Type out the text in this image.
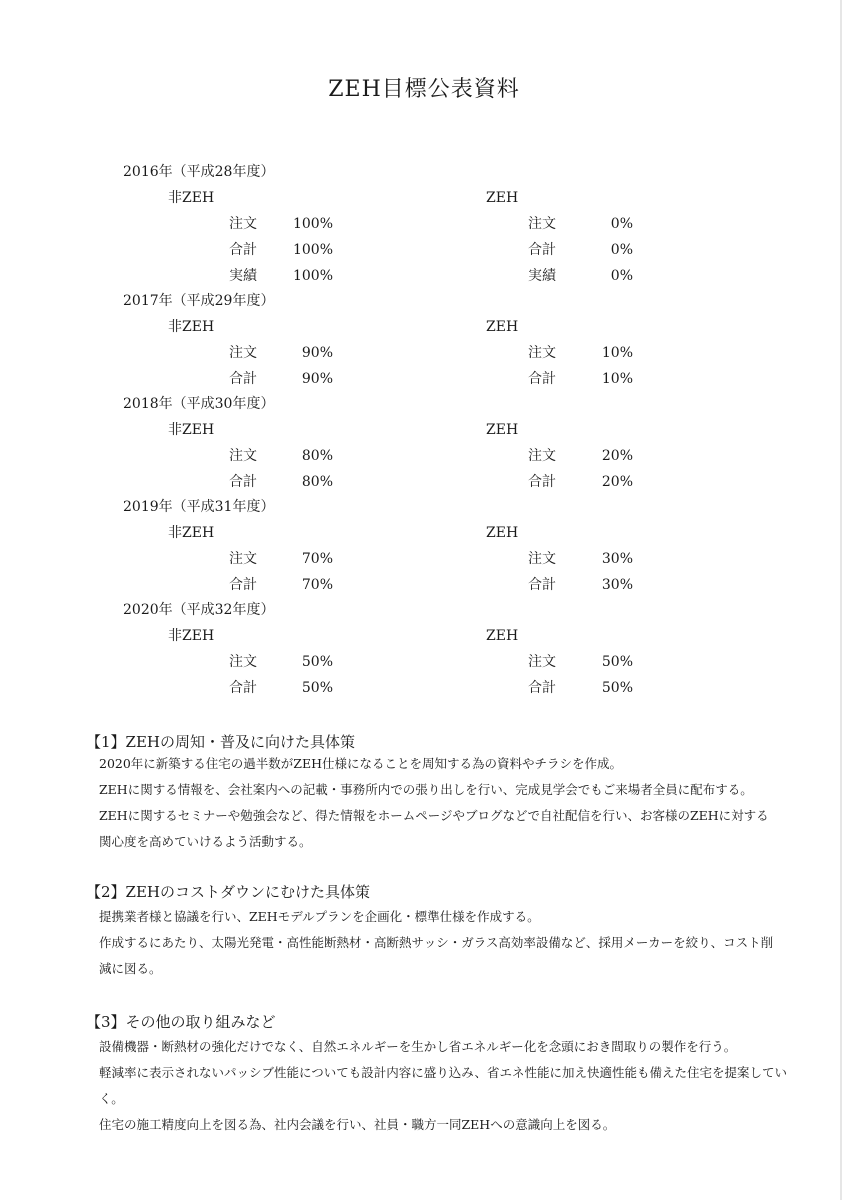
ZEH目標公表資料
2016年（平成28年度）
非ZEH	ZEH
注文	100%	注文	0%
合計	100%	合計	0%
実績	100%	実績	0%
2017年（平成29年度）
非ZEH	ZEH
注文	90%	注文	10%
合計	90%	合計	10%
2018年（平成30年度）
非ZEH	ZEH
注文	80%	注文	20%
合計	80%	合計	20%
2019年（平成31年度）
非ZEH	ZEH
注文	70%	注文	30%
合計	70%	合計	30%
2020年（平成32年度）
非ZEH	ZEH
注文	50%	注文	50%
合計	50%	合計	50%
【1】ZEHの周知・普及に向けた具体策
2020年に新築する住宅の過半数がZEH仕様になることを周知する為の資料やチラシを作成。
ZEHに関する情報を、会社案内への記載・事務所内での張り出しを行い、完成見学会でもご来場者全員に配布する。
ZEHに関するセミナーや勉強会など、得た情報をホームページやブログなどで自社配信を行い、お客様のZEHに対する
関心度を高めていけるよう活動する。
【2】ZEHのコストダウンにむけた具体策
提携業者様と協議を行い、ZEHモデルプランを企画化・標準仕様を作成する。
作成するにあたり、太陽光発電・高性能断熱材・高断熱サッシ・ガラス高効率設備など、採用メーカーを絞り、コスト削
減に図る。
【3】その他の取り組みなど
設備機器・断熱材の強化だけでなく、自然エネルギーを生かし省エネルギー化を念頭におき間取りの製作を行う。
軽減率に表示されないパッシブ性能についても設計内容に盛り込み、省エネ性能に加え快適性能も備えた住宅を提案してい
く。
住宅の施工精度向上を図る為、社内会議を行い、社員・職方一同ZEHへの意識向上を図る。
